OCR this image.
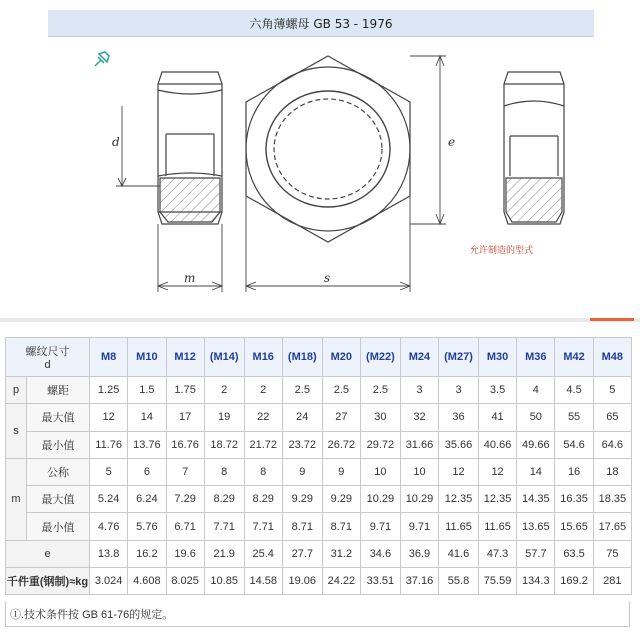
六角薄螺母 GB 53 - 1976
d	e
m	s
允许制造的型式
螺纹尺寸
d		M8	M10	M12	(M14)	M16	(M18)	M20	(M22)	M24	(M27)	M30	M36	M42	M48
p	螺距	1.25	1.5	1.75	2	2	2.5	2.5	2.5	3	3	3.5	4	4.5	5
s	最大值	12	14	17	19	22	24	27	30	32	36	41	50	55	65
	最小值	11.76	13.76	16.76	18.72	21.72	23.72	26.72	29.72	31.66	35.66	40.66	49.66	54.6	64.6
m	公称	5	6	7	8	8	9	9	10	10	12	12	14	16	18
	最大值	5.24	6.24	7.29	8.29	8.29	9.29	9.29	10.29	10.29	12.35	12.35	14.35	16.35	18.35
	最小值	4.76	5.76	6.71	7.71	7.71	8.71	8.71	9.71	9.71	11.65	11.65	13.65	15.65	17.65
e		13.8	16.2	19.6	21.9	25.4	27.7	31.2	34.6	36.9	41.6	47.3	57.7	63.5	75
千件重(钢制)≈kg		3.024	4.608	8.025	10.85	14.58	19.06	24.22	33.51	37.16	55.8	75.59	134.3	169.2	281
①.技术条件按 GB 61-76的规定。
